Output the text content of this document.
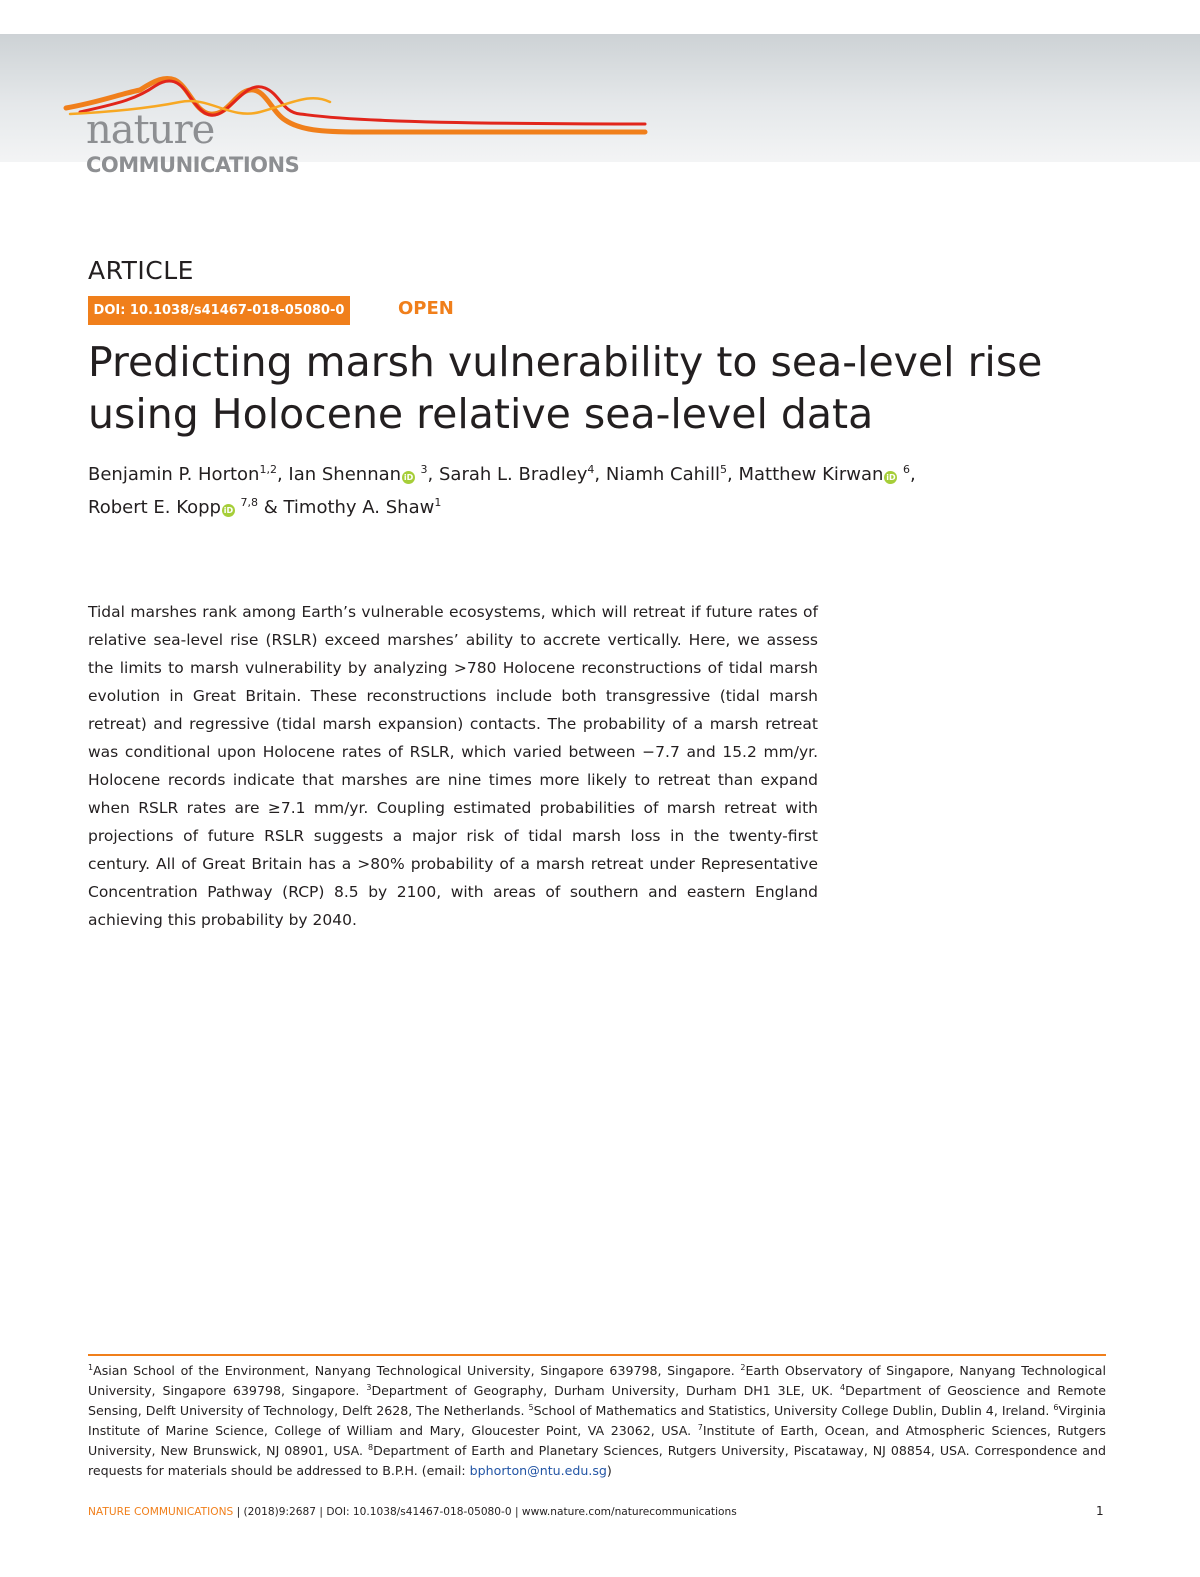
nature
COMMUNICATIONS
ARTICLE
DOI: 10.1038/s41467-018-05080-0	OPEN
Predicting marsh vulnerability to sea-level rise using Holocene relative sea-level data
Benjamin P. Horton$^{1,2}$, Ian Shennan iD $^3$, Sarah L. Bradley$^4$, Niamh Cahill$^5$, Matthew Kirwan iD $^6$,
Robert E. Kopp iD $^{7,8}$ & Timothy A. Shaw$^1$

Tidal marshes rank among Earth’s vulnerable ecosystems, which will retreat if future rates of relative sea-level rise (RSLR) exceed marshes’ ability to accrete vertically. Here, we assess the limits to marsh vulnerability by analyzing >780 Holocene reconstructions of tidal marsh evolution in Great Britain. These reconstructions include both transgressive (tidal marsh retreat) and regressive (tidal marsh expansion) contacts. The probability of a marsh retreat was conditional upon Holocene rates of RSLR, which varied between −7.7 and 15.2 mm/yr. Holocene records indicate that marshes are nine times more likely to retreat than expand when RSLR rates are ≥7.1 mm/yr. Coupling estimated probabilities of marsh retreat with projections of future RSLR suggests a major risk of tidal marsh loss in the twenty-first century. All of Great Britain has a >80% probability of a marsh retreat under Representative Concentration Pathway (RCP) 8.5 by 2100, with areas of southern and eastern England achieving this probability by 2040.

$^1$Asian School of the Environment, Nanyang Technological University, Singapore 639798, Singapore. $^2$Earth Observatory of Singapore, Nanyang Technological University, Singapore 639798, Singapore. $^3$Department of Geography, Durham University, Durham DH1 3LE, UK. $^4$Department of Geoscience and Remote Sensing, Delft University of Technology, Delft 2628, The Netherlands. $^5$School of Mathematics and Statistics, University College Dublin, Dublin 4, Ireland. $^6$Virginia Institute of Marine Science, College of William and Mary, Gloucester Point, VA 23062, USA. $^7$Institute of Earth, Ocean, and Atmospheric Sciences, Rutgers University, New Brunswick, NJ 08901, USA. $^8$Department of Earth and Planetary Sciences, Rutgers University, Piscataway, NJ 08854, USA. Correspondence and requests for materials should be addressed to B.P.H. (email: bphorton@ntu.edu.sg)

NATURE COMMUNICATIONS | (2018)9:2687 | DOI: 10.1038/s41467-018-05080-0 | www.nature.com/naturecommunications	1
